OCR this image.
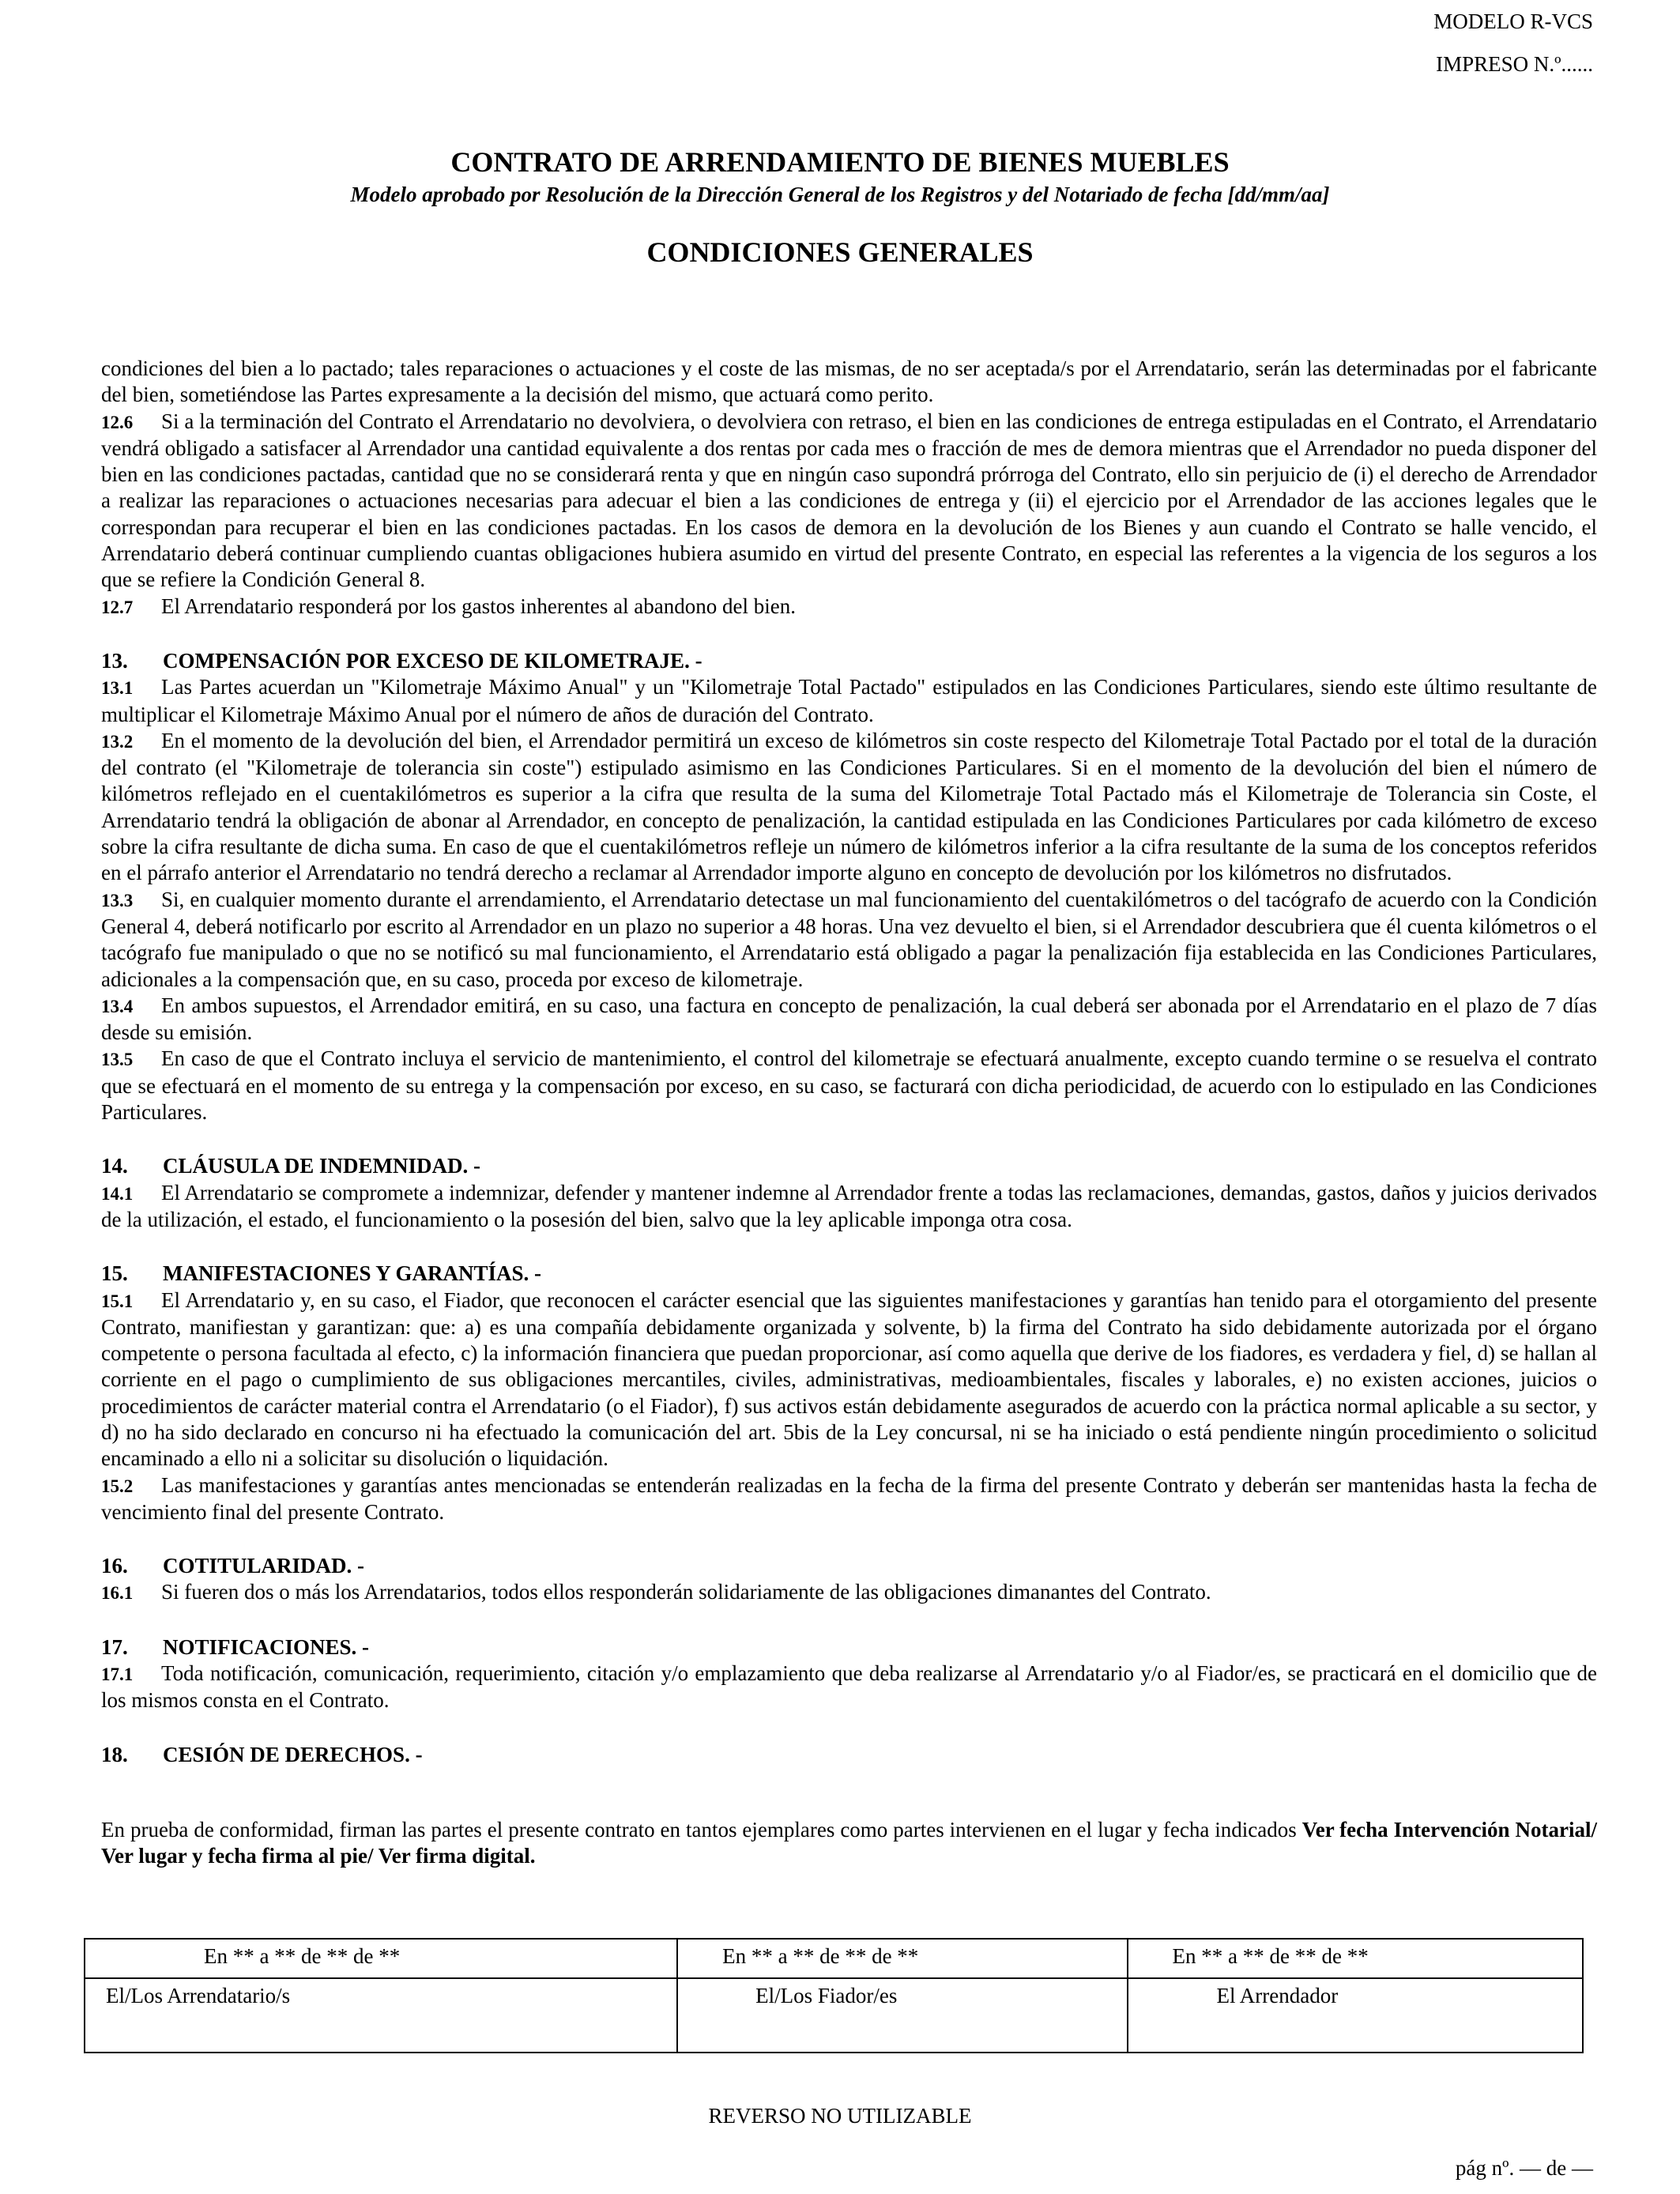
MODELO R-VCS
IMPRESO N.º......

CONTRATO DE ARRENDAMIENTO DE BIENES MUEBLES

Modelo aprobado por Resolución de la Dirección General de los Registros y del Notariado de fecha [dd/mm/aa]

CONDICIONES GENERALES

condiciones del bien a lo pactado; tales reparaciones o actuaciones y el coste de las mismas, de no ser aceptada/s por el Arrendatario, serán las determinadas por el fabricante del bien, sometiéndose las Partes expresamente a la decisión del mismo, que actuará como perito.

12.6 Si a la terminación del Contrato el Arrendatario no devolviera, o devolviera con retraso, el bien en las condiciones de entrega estipuladas en el Contrato, el Arrendatario vendrá obligado a satisfacer al Arrendador una cantidad equivalente a dos rentas por cada mes o fracción de mes de demora mientras que el Arrendador no pueda disponer del bien en las condiciones pactadas, cantidad que no se considerará renta y que en ningún caso supondrá prórroga del Contrato, ello sin perjuicio de (i) el derecho de Arrendador a realizar las reparaciones o actuaciones necesarias para adecuar el bien a las condiciones de entrega y (ii) el ejercicio por el Arrendador de las acciones legales que le correspondan para recuperar el bien en las condiciones pactadas. En los casos de demora en la devolución de los Bienes y aun cuando el Contrato se halle vencido, el Arrendatario deberá continuar cumpliendo cuantas obligaciones hubiera asumido en virtud del presente Contrato, en especial las referentes a la vigencia de los seguros a los que se refiere la Condición General 8.

12.7 El Arrendatario responderá por los gastos inherentes al abandono del bien.

13. COMPENSACIÓN POR EXCESO DE KILOMETRAJE. -

13.1 Las Partes acuerdan un "Kilometraje Máximo Anual" y un "Kilometraje Total Pactado" estipulados en las Condiciones Particulares, siendo este último resultante de multiplicar el Kilometraje Máximo Anual por el número de años de duración del Contrato.

13.2 En el momento de la devolución del bien, el Arrendador permitirá un exceso de kilómetros sin coste respecto del Kilometraje Total Pactado por el total de la duración del contrato (el "Kilometraje de tolerancia sin coste") estipulado asimismo en las Condiciones Particulares. Si en el momento de la devolución del bien el número de kilómetros reflejado en el cuentakilómetros es superior a la cifra que resulta de la suma del Kilometraje Total Pactado más el Kilometraje de Tolerancia sin Coste, el Arrendatario tendrá la obligación de abonar al Arrendador, en concepto de penalización, la cantidad estipulada en las Condiciones Particulares por cada kilómetro de exceso sobre la cifra resultante de dicha suma. En caso de que el cuentakilómetros refleje un número de kilómetros inferior a la cifra resultante de la suma de los conceptos referidos en el párrafo anterior el Arrendatario no tendrá derecho a reclamar al Arrendador importe alguno en concepto de devolución por los kilómetros no disfrutados.

13.3 Si, en cualquier momento durante el arrendamiento, el Arrendatario detectase un mal funcionamiento del cuentakilómetros o del tacógrafo de acuerdo con la Condición General 4, deberá notificarlo por escrito al Arrendador en un plazo no superior a 48 horas. Una vez devuelto el bien, si el Arrendador descubriera que él cuenta kilómetros o el tacógrafo fue manipulado o que no se notificó su mal funcionamiento, el Arrendatario está obligado a pagar la penalización fija establecida en las Condiciones Particulares, adicionales a la compensación que, en su caso, proceda por exceso de kilometraje.

13.4 En ambos supuestos, el Arrendador emitirá, en su caso, una factura en concepto de penalización, la cual deberá ser abonada por el Arrendatario en el plazo de 7 días desde su emisión.

13.5 En caso de que el Contrato incluya el servicio de mantenimiento, el control del kilometraje se efectuará anualmente, excepto cuando termine o se resuelva el contrato que se efectuará en el momento de su entrega y la compensación por exceso, en su caso, se facturará con dicha periodicidad, de acuerdo con lo estipulado en las Condiciones Particulares.

14. CLÁUSULA DE INDEMNIDAD. -

14.1 El Arrendatario se compromete a indemnizar, defender y mantener indemne al Arrendador frente a todas las reclamaciones, demandas, gastos, daños y juicios derivados de la utilización, el estado, el funcionamiento o la posesión del bien, salvo que la ley aplicable imponga otra cosa.

15. MANIFESTACIONES Y GARANTÍAS. -

15.1 El Arrendatario y, en su caso, el Fiador, que reconocen el carácter esencial que las siguientes manifestaciones y garantías han tenido para el otorgamiento del presente Contrato, manifiestan y garantizan: que: a) es una compañía debidamente organizada y solvente, b) la firma del Contrato ha sido debidamente autorizada por el órgano competente o persona facultada al efecto, c) la información financiera que puedan proporcionar, así como aquella que derive de los fiadores, es verdadera y fiel, d) se hallan al corriente en el pago o cumplimiento de sus obligaciones mercantiles, civiles, administrativas, medioambientales, fiscales y laborales, e) no existen acciones, juicios o procedimientos de carácter material contra el Arrendatario (o el Fiador), f) sus activos están debidamente asegurados de acuerdo con la práctica normal aplicable a su sector, y d) no ha sido declarado en concurso ni ha efectuado la comunicación del art. 5bis de la Ley concursal, ni se ha iniciado o está pendiente ningún procedimiento o solicitud encaminado a ello ni a solicitar su disolución o liquidación.

15.2 Las manifestaciones y garantías antes mencionadas se entenderán realizadas en la fecha de la firma del presente Contrato y deberán ser mantenidas hasta la fecha de vencimiento final del presente Contrato.

16. COTITULARIDAD. -

16.1 Si fueren dos o más los Arrendatarios, todos ellos responderán solidariamente de las obligaciones dimanantes del Contrato.

17. NOTIFICACIONES. -

17.1 Toda notificación, comunicación, requerimiento, citación y/o emplazamiento que deba realizarse al Arrendatario y/o al Fiador/es, se practicará en el domicilio que de los mismos consta en el Contrato.

18. CESIÓN DE DERECHOS. -

En prueba de conformidad, firman las partes el presente contrato en tantos ejemplares como partes intervienen en el lugar y fecha indicados Ver fecha Intervención Notarial/ Ver lugar y fecha firma al pie/ Ver firma digital.

En ** a ** de ** de **	En ** a ** de ** de **	En ** a ** de ** de **

El/Los Arrendatario/s	El/Los Fiador/es	El Arrendador
REVERSO NO UTILIZABLE
pág nº. — de —
